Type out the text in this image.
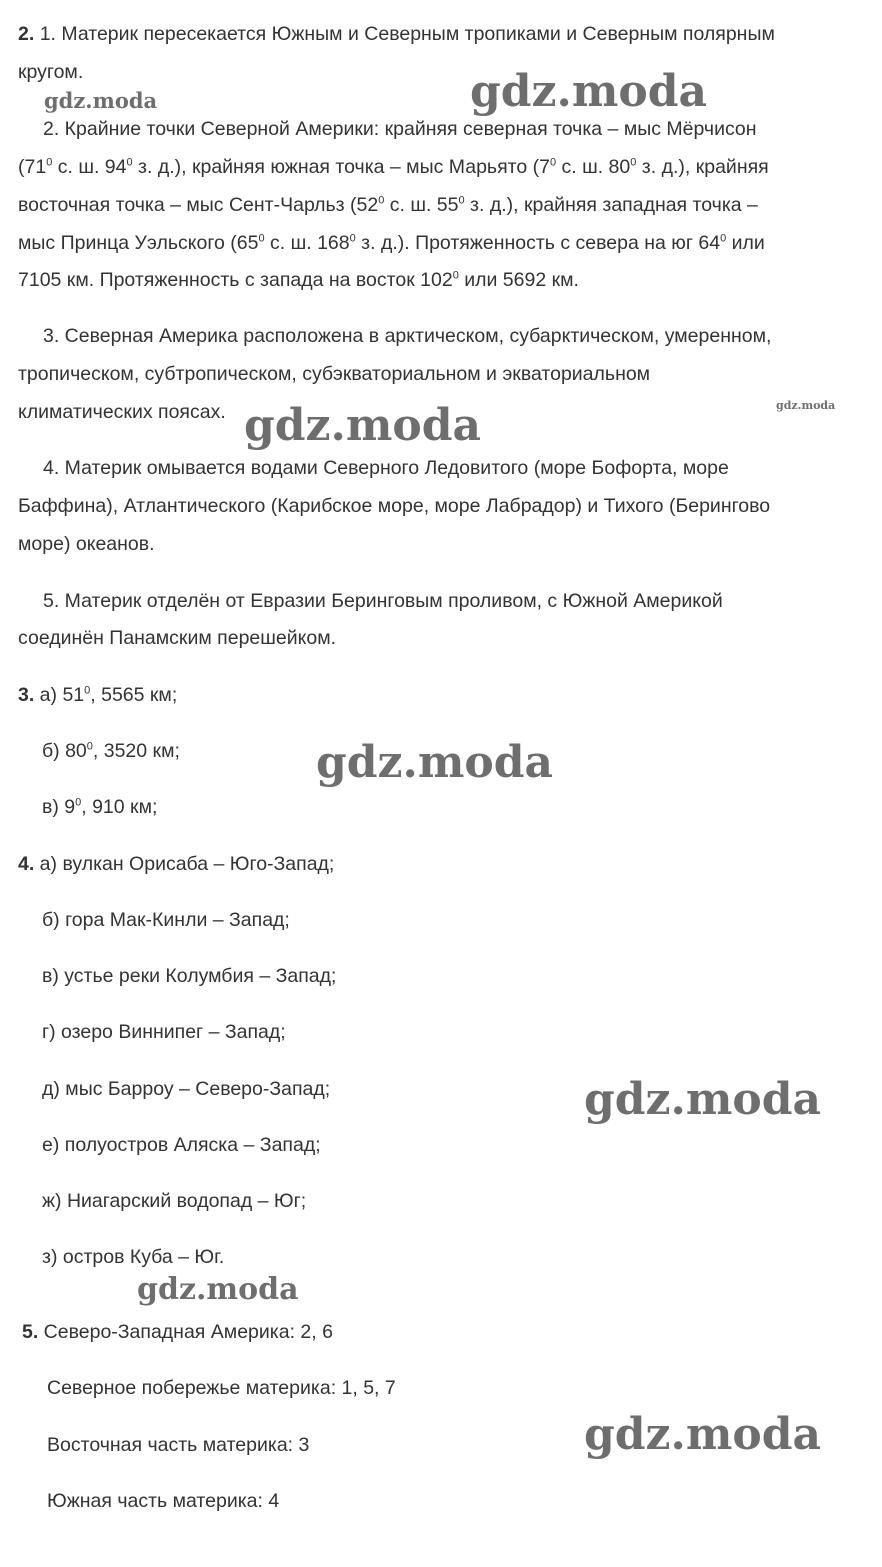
2. 1. Материк пересекается Южным и Северным тропиками и Северным полярным
кругом.
2. Крайние точки Северной Америки: крайняя северная точка – мыс Мёрчисон
($71^0$ с. ш. $94^0$ з. д.), крайняя южная точка – мыс Марьято ($7^0$ с. ш. $80^0$ з. д.), крайняя
восточная точка – мыс Сент-Чарльз ($52^0$ с. ш. $55^0$ з. д.), крайняя западная точка –
мыс Принца Уэльского ($65^0$ с. ш. $168^0$ з. д.). Протяженность с севера на юг $64^0$ или
7105 км. Протяженность с запада на восток $102^0$ или 5692 км.
3. Северная Америка расположена в арктическом, субарктическом, умеренном,
тропическом, субтропическом, субэкваториальном и экваториальном
климатических поясах.
4. Материк омывается водами Северного Ледовитого (море Бофорта, море
Баффина), Атлантического (Карибское море, море Лабрадор) и Тихого (Берингово
море) океанов.
5. Материк отделён от Евразии Беринговым проливом, с Южной Америкой
соединён Панамским перешейком.
3. а) $51^0$, 5565 км;
б) $80^0$, 3520 км;
в) $9^0$, 910 км;
4. а) вулкан Орисаба – Юго-Запад;
б) гора Мак-Кинли – Запад;
в) устье реки Колумбия – Запад;
г) озеро Виннипег – Запад;
д) мыс Барроу – Северо-Запад;
е) полуостров Аляска – Запад;
ж) Ниагарский водопад – Юг;
з) остров Куба – Юг.
5. Северо-Западная Америка: 2, 6
Северное побережье материка: 1, 5, 7
Восточная часть материка: 3
Южная часть материка: 4
gdz.moda	gdz.moda
gdz.moda	gdz.moda
gdz.moda
gdz.moda
gdz.moda
gdz.moda
